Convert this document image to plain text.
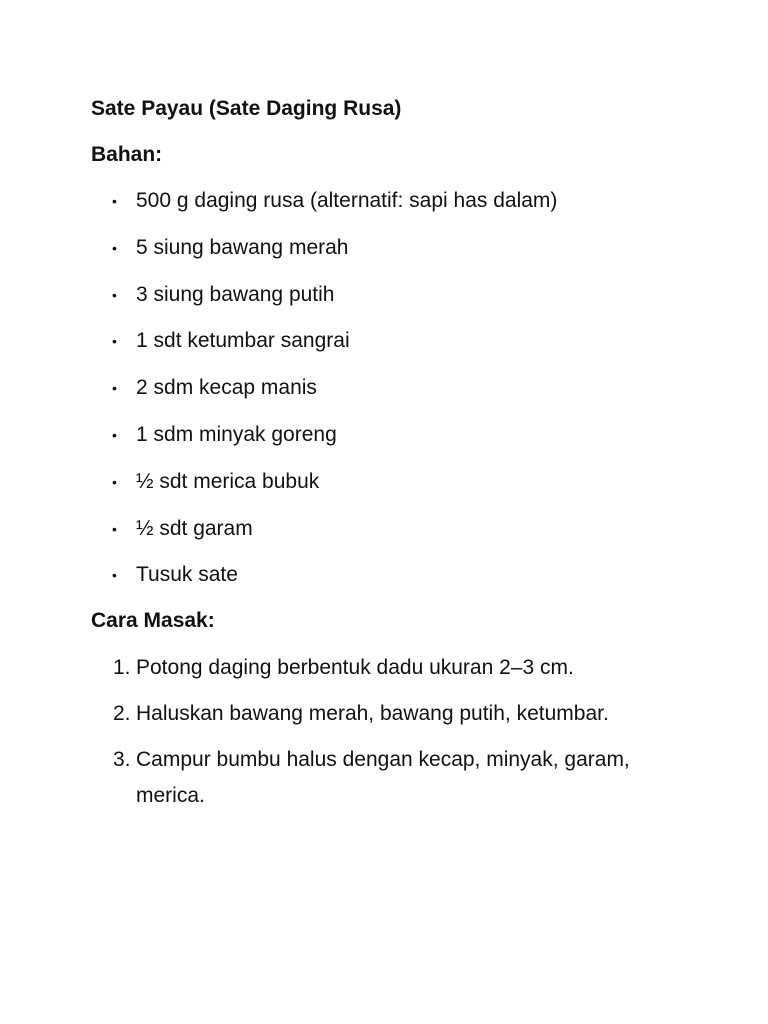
Sate Payau (Sate Daging Rusa)
Bahan:
• 500 g daging rusa (alternatif: sapi has dalam)
• 5 siung bawang merah
• 3 siung bawang putih
• 1 sdt ketumbar sangrai
• 2 sdm kecap manis
• 1 sdm minyak goreng
• ½ sdt merica bubuk
• ½ sdt garam
• Tusuk sate
Cara Masak:
1. Potong daging berbentuk dadu ukuran 2–3 cm.
2. Haluskan bawang merah, bawang putih, ketumbar.
3. Campur bumbu halus dengan kecap, minyak, garam, merica.
